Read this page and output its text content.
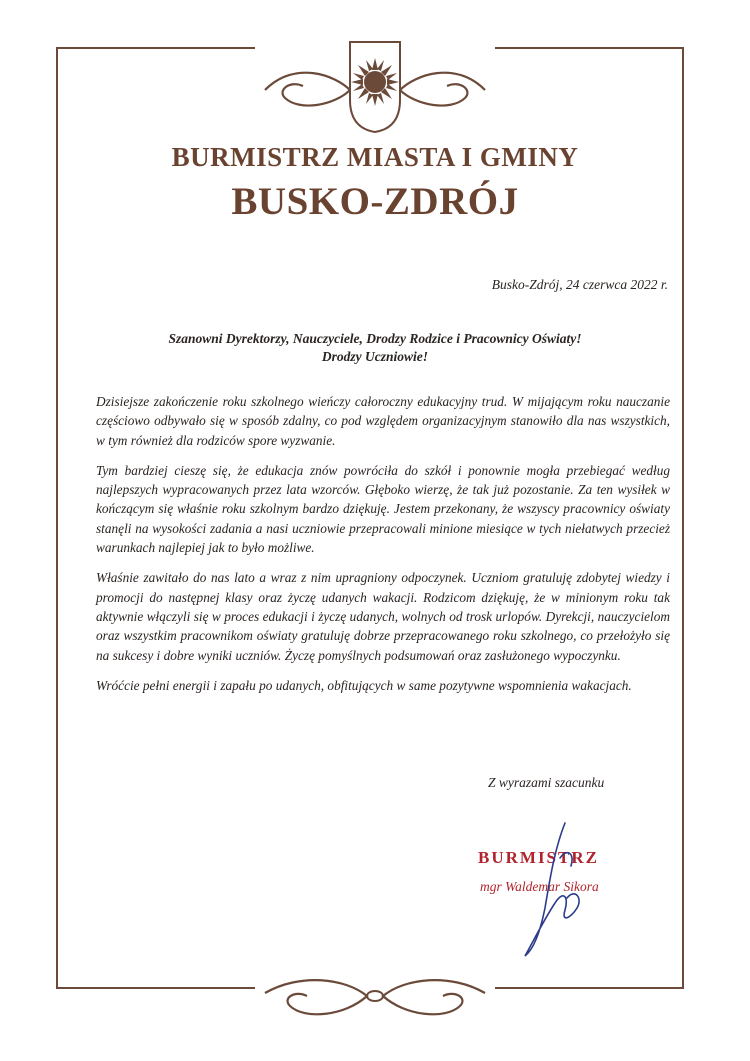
BURMISTRZ MIASTA I GMINY
BUSKO-ZDRÓJ
Busko-Zdrój, 24 czerwca 2022 r.
Szanowni Dyrektorzy, Nauczyciele, Drodzy Rodzice i Pracownicy Oświaty!
Drodzy Uczniowie!

Dzisiejsze zakończenie roku szkolnego wieńczy całoroczny edukacyjny trud. W mijającym roku nauczanie częściowo odbywało się w sposób zdalny, co pod względem organizacyjnym stanowiło dla nas wszystkich, w tym również dla rodziców spore wyzwanie.

Tym bardziej cieszę się, że edukacja znów powróciła do szkół i ponownie mogła przebiegać według najlepszych wypracowanych przez lata wzorców. Głęboko wierzę, że tak już pozostanie. Za ten wysiłek w kończącym się właśnie roku szkolnym bardzo dziękuję. Jestem przekonany, że wszyscy pracownicy oświaty stanęli na wysokości zadania a nasi uczniowie przepracowali minione miesiące w tych niełatwych przecież warunkach najlepiej jak to było możliwe.

Właśnie zawitało do nas lato a wraz z nim upragniony odpoczynek. Uczniom gratuluję zdobytej wiedzy i promocji do następnej klasy oraz życzę udanych wakacji. Rodzicom dziękuję, że w minionym roku tak aktywnie włączyli się w proces edukacji i życzę udanych, wolnych od trosk urlopów. Dyrekcji, nauczycielom oraz wszystkim pracownikom oświaty gratuluję dobrze przepracowanego roku szkolnego, co przełożyło się na sukcesy i dobre wyniki uczniów. Życzę pomyślnych podsumowań oraz zasłużonego wypoczynku.

Wróćcie pełni energii i zapału po udanych, obfitujących w same pozytywne wspomnienia wakacjach.

Z wyrazami szacunku
BURMISTRZ
mgr Waldemar Sikora
